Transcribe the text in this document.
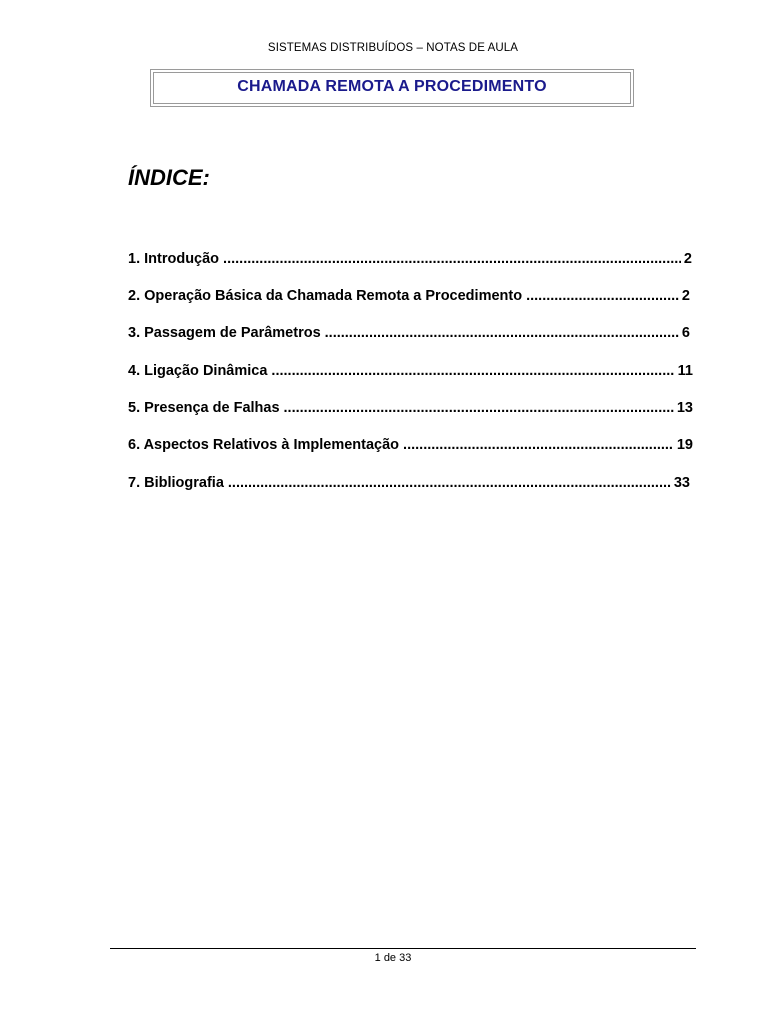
SISTEMAS DISTRIBUÍDOS – NOTAS DE AULA
CHAMADA REMOTA A PROCEDIMENTO
ÍNDICE:
1. Introdução .....	2
2. Operação Básica da Chamada Remota a Procedimento .....	2
3. Passagem de Parâmetros .....	6
4. Ligação Dinâmica .....	11
5. Presença de Falhas .....	13
6. Aspectos Relativos à Implementação .....	19
7. Bibliografia .....	33
1 de 33
